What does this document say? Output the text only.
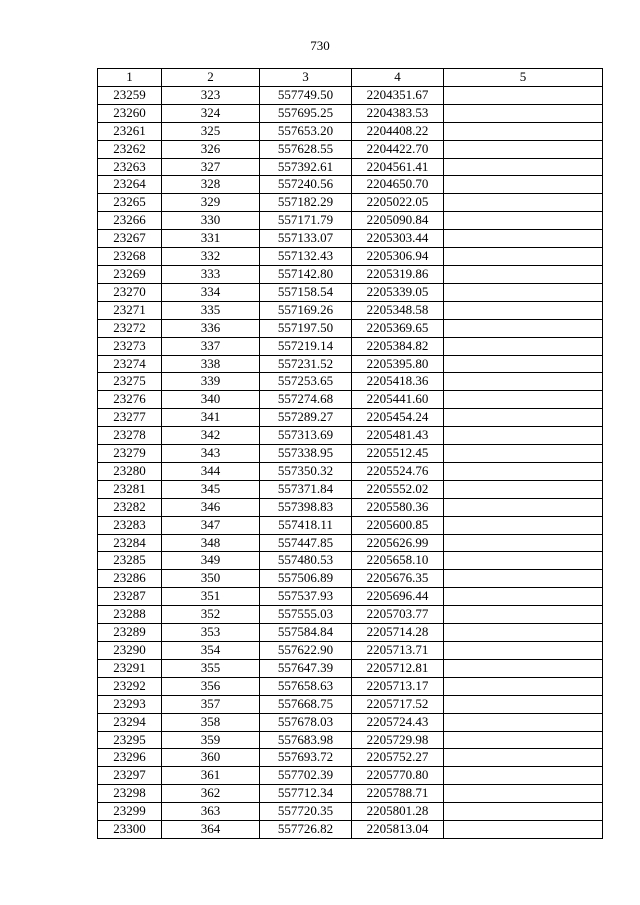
730
1	2	3	4	5
23259	323	557749.50	2204351.67	
23260	324	557695.25	2204383.53	
23261	325	557653.20	2204408.22	
23262	326	557628.55	2204422.70	
23263	327	557392.61	2204561.41	
23264	328	557240.56	2204650.70	
23265	329	557182.29	2205022.05	
23266	330	557171.79	2205090.84	
23267	331	557133.07	2205303.44	
23268	332	557132.43	2205306.94	
23269	333	557142.80	2205319.86	
23270	334	557158.54	2205339.05	
23271	335	557169.26	2205348.58	
23272	336	557197.50	2205369.65	
23273	337	557219.14	2205384.82	
23274	338	557231.52	2205395.80	
23275	339	557253.65	2205418.36	
23276	340	557274.68	2205441.60	
23277	341	557289.27	2205454.24	
23278	342	557313.69	2205481.43	
23279	343	557338.95	2205512.45	
23280	344	557350.32	2205524.76	
23281	345	557371.84	2205552.02	
23282	346	557398.83	2205580.36	
23283	347	557418.11	2205600.85	
23284	348	557447.85	2205626.99	
23285	349	557480.53	2205658.10	
23286	350	557506.89	2205676.35	
23287	351	557537.93	2205696.44	
23288	352	557555.03	2205703.77	
23289	353	557584.84	2205714.28	
23290	354	557622.90	2205713.71	
23291	355	557647.39	2205712.81	
23292	356	557658.63	2205713.17	
23293	357	557668.75	2205717.52	
23294	358	557678.03	2205724.43	
23295	359	557683.98	2205729.98	
23296	360	557693.72	2205752.27	
23297	361	557702.39	2205770.80	
23298	362	557712.34	2205788.71	
23299	363	557720.35	2205801.28	
23300	364	557726.82	2205813.04	
